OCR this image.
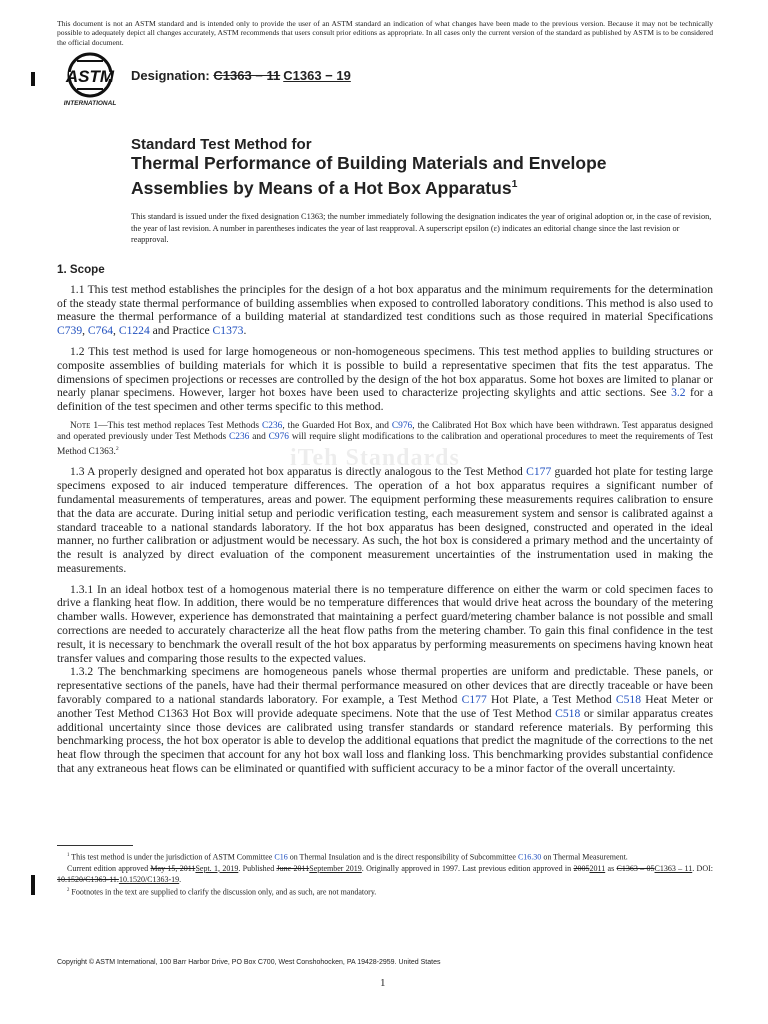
This document is not an ASTM standard and is intended only to provide the user of an ASTM standard an indication of what changes have been made to the previous version. Because it may not be technically possible to adequately depict all changes accurately, ASTM recommends that users consult prior editions as appropriate. In all cases only the current version of the standard as published by ASTM is to be considered the official document.
ASTM
INTERNATIONAL
Designation: C1363 − 11 C1363 − 19
Standard Test Method for
Thermal Performance of Building Materials and Envelope
Assemblies by Means of a Hot Box Apparatus$^1$
This standard is issued under the fixed designation C1363; the number immediately following the designation indicates the year of original adoption or, in the case of revision, the year of last revision. A number in parentheses indicates the year of last reapproval. A superscript epsilon (ε) indicates an editorial change since the last revision or reapproval.
iTeh Standards
1. Scope

1.1 This test method establishes the principles for the design of a hot box apparatus and the minimum requirements for the determination of the steady state thermal performance of building assemblies when exposed to controlled laboratory conditions. This method is also used to measure the thermal performance of a building material at standardized test conditions such as those required in material Specifications C739, C764, C1224 and Practice C1373.

1.2 This test method is used for large homogeneous or non-homogeneous specimens. This test method applies to building structures or composite assemblies of building materials for which it is possible to build a representative specimen that fits the test apparatus. The dimensions of specimen projections or recesses are controlled by the design of the hot box apparatus. Some hot boxes are limited to planar or nearly planar specimens. However, larger hot boxes have been used to characterize projecting skylights and attic sections. See 3.2 for a definition of the test specimen and other terms specific to this method.

Note 1—This test method replaces Test Methods C236, the Guarded Hot Box, and C976, the Calibrated Hot Box which have been withdrawn. Test apparatus designed and operated previously under Test Methods C236 and C976 will require slight modifications to the calibration and operational procedures to meet the requirements of Test Method C1363.$^2$

1.3 A properly designed and operated hot box apparatus is directly analogous to the Test Method C177 guarded hot plate for testing large specimens exposed to air induced temperature differences. The operation of a hot box apparatus requires a significant number of fundamental measurements of temperatures, areas and power. The equipment performing these measurements requires calibration to ensure that the data are accurate. During initial setup and periodic verification testing, each measurement system and sensor is calibrated against a standard traceable to a national standards laboratory. If the hot box apparatus has been designed, constructed and operated in the ideal manner, no further calibration or adjustment would be necessary. As such, the hot box is considered a primary method and the uncertainty of the result is analyzed by direct evaluation of the component measurement uncertainties of the instrumentation used in making the measurements.

1.3.1 In an ideal hotbox test of a homogenous material there is no temperature difference on either the warm or cold specimen faces to drive a flanking heat flow. In addition, there would be no temperature differences that would drive heat across the boundary of the metering chamber walls. However, experience has demonstrated that maintaining a perfect guard/metering chamber balance is not possible and small corrections are needed to accurately characterize all the heat flow paths from the metering chamber. To gain this final confidence in the test result, it is necessary to benchmark the overall result of the hot box apparatus by performing measurements on specimens having known heat transfer values and comparing those results to the expected values.

1.3.2 The benchmarking specimens are homogeneous panels whose thermal properties are uniform and predictable. These panels, or representative sections of the panels, have had their thermal performance measured on other devices that are directly traceable or have been favorably compared to a national standards laboratory. For example, a Test Method C177 Hot Plate, a Test Method C518 Heat Meter or another Test Method C1363 Hot Box will provide adequate specimens. Note that the use of Test Method C518 or similar apparatus creates additional uncertainty since those devices are calibrated using transfer standards or standard reference materials. By performing this benchmarking process, the hot box operator is able to develop the additional equations that predict the magnitude of the corrections to the net heat flow through the specimen that account for any hot box wall loss and flanking loss. This benchmarking provides substantial confidence that any extraneous heat flows can be eliminated or quantified with sufficient accuracy to be a minor factor of the overall uncertainty.

$^1$ This test method is under the jurisdiction of ASTM Committee C16 on Thermal Insulation and is the direct responsibility of Subcommittee C16.30 on Thermal Measurement.

Current edition approved May 15, 2011Sept. 1, 2019. Published June 2011September 2019. Originally approved in 1997. Last previous edition approved in 20052011 as C1363 – 05C1363 – 11. DOI: 10.1520/C1363-11.10.1520/C1363-19.

$^2$ Footnotes in the text are supplied to clarify the discussion only, and as such, are not mandatory.

Copyright © ASTM International, 100 Barr Harbor Drive, PO Box C700, West Conshohocken, PA 19428-2959. United States
1
